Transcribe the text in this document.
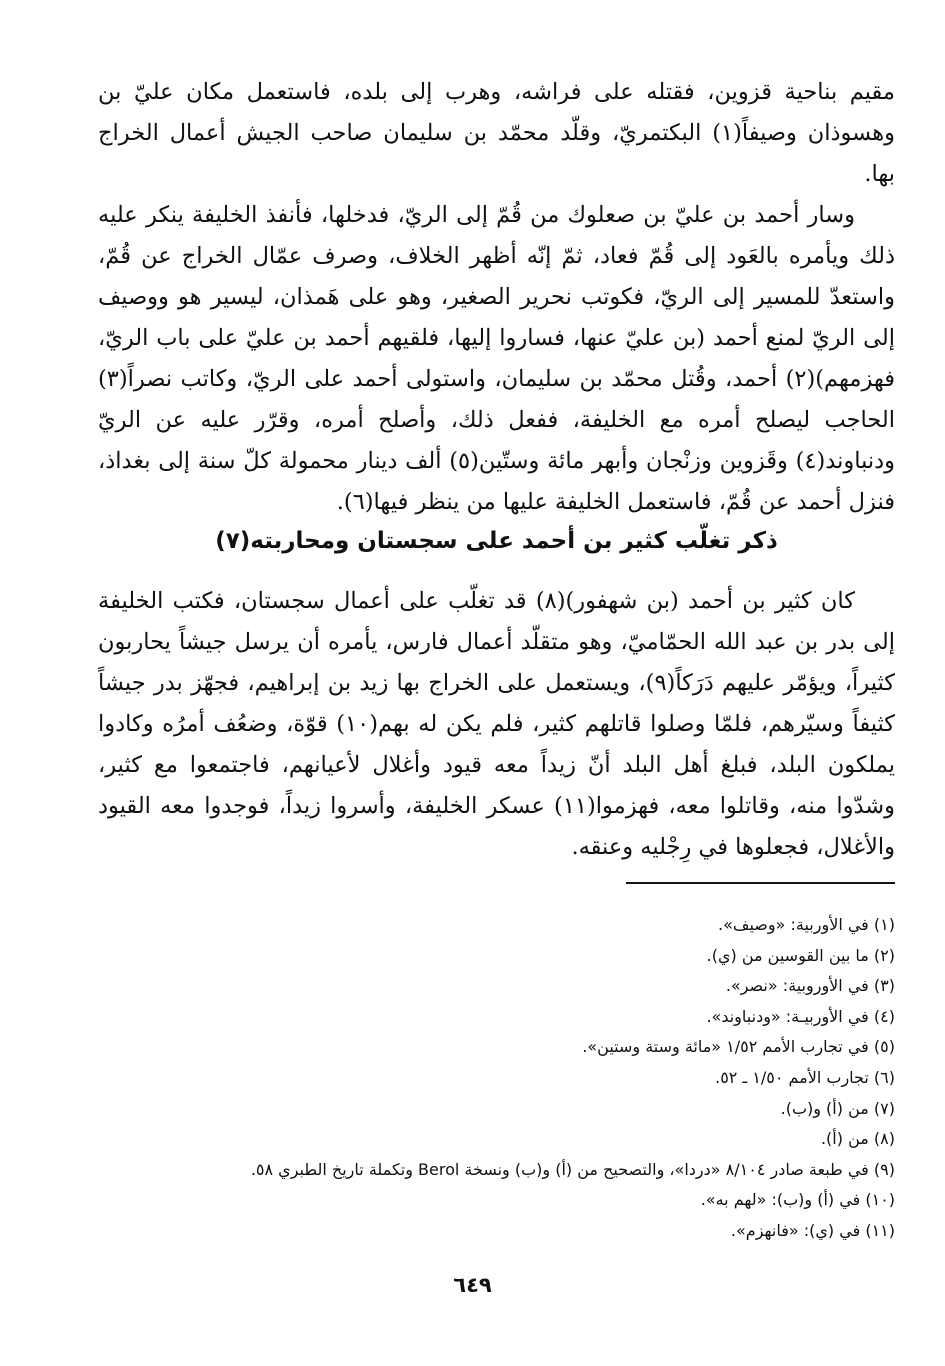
مقيم بناحية قزوين، فقتله على فراشه، وهرب إلى بلده، فاستعمل مكان عليّ بن وهسوذان وصيفاً(١) البكتمريّ، وقلّد محمّد بن سليمان صاحب الجيش أعمال الخراج بها.

وسار أحمد بن عليّ بن صعلوك من قُمّ إلى الريّ، فدخلها، فأنفذ الخليفة ينكر عليه ذلك ويأمره بالعَود إلى قُمّ فعاد، ثمّ إنّه أظهر الخلاف، وصرف عمّال الخراج عن قُمّ، واستعدّ للمسير إلى الريّ، فكوتب نحرير الصغير، وهو على هَمذان، ليسير هو ووصيف إلى الريّ لمنع أحمد (بن عليّ عنها، فساروا إليها، فلقيهم أحمد بن عليّ على باب الريّ، فهزمهم)(٢) أحمد، وقُتل محمّد بن سليمان، واستولى أحمد على الريّ، وكاتب نصراً(٣) الحاجب ليصلح أمره مع الخليفة، ففعل ذلك، وأصلح أمره، وقرّر عليه عن الريّ ودنباوند(٤) وقَزوين وزنْجان وأبهر مائة وستّين(٥) ألف دينار محمولة كلّ سنة إلى بغداذ، فنزل أحمد عن قُمّ، فاستعمل الخليفة عليها من ينظر فيها(٦).

ذكر تغلّب كثير بن أحمد على سجستان ومحاربته(٧)

كان كثير بن أحمد (بن شهفور)(٨) قد تغلّب على أعمال سجستان، فكتب الخليفة إلى بدر بن عبد الله الحمّاميّ، وهو متقلّد أعمال فارس، يأمره أن يرسل جيشاً يحاربون كثيراً، ويؤمّر عليهم دَرَكاً(٩)، ويستعمل على الخراج بها زيد بن إبراهيم، فجهّز بدر جيشاً كثيفاً وسيّرهم، فلمّا وصلوا قاتلهم كثير، فلم يكن له بهم(١٠) قوّة، وضعُف أمرُه وكادوا يملكون البلد، فبلغ أهل البلد أنّ زيداً معه قيود وأغلال لأعيانهم، فاجتمعوا مع كثير، وشدّوا منه، وقاتلوا معه، فهزموا(١١) عسكر الخليفة، وأسروا زيداً، فوجدوا معه القيود والأغلال، فجعلوها في رِجْليه وعنقه.

(١) في الأوربية: «وصيف».
(٢) ما بين القوسين من (ي).
(٣) في الأوروبية: «نصر».
(٤) في الأوربيـة: «ودنباوند».
(٥) في تجارب الأمم ١/٥٢ «مائة وستة وستين».
(٦) تجارب الأمم ١/٥٠ ـ ٥٢.
(٧) من (أ) و(ب).
(٨) من (أ).
(٩) في طبعة صادر ٨/١٠٤ «دردا»، والتصحيح من (أ) و(ب) ونسخة Berol وتكملة تاريخ الطبري ٥٨.
(١٠) في (أ) و(ب): «لهم به».
(١١) في (ي): «فانهزم».
٦٤٩
